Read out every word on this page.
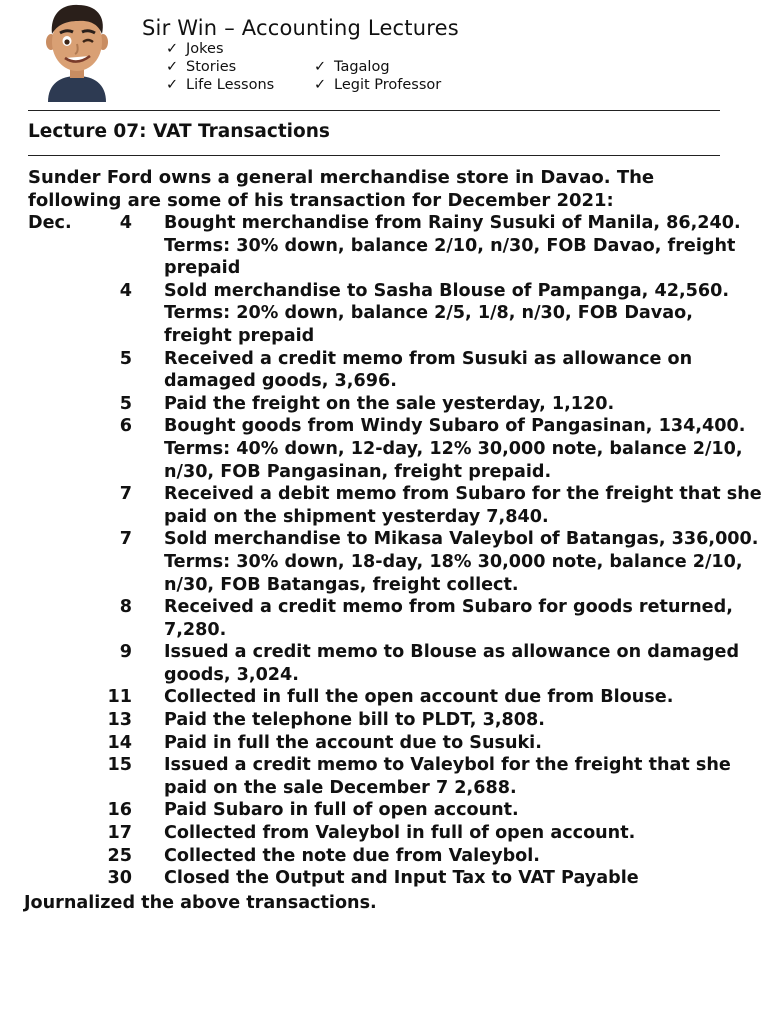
Sir Win – Accounting Lectures
✓ Jokes
✓ Stories	✓ Tagalog
✓ Life Lessons	✓ Legit Professor
Lecture 07: VAT Transactions
Sunder Ford owns a general merchandise store in Davao. The following are some of his transaction for December 2021:
Dec.	4 Bought merchandise from Rainy Susuki of Manila, 86,240. Terms: 30% down, balance 2/10, n/30, FOB Davao, freight prepaid
4 Sold merchandise to Sasha Blouse of Pampanga, 42,560. Terms: 20% down, balance 2/5, 1/8, n/30, FOB Davao, freight prepaid
5 Received a credit memo from Susuki as allowance on damaged goods, 3,696.
5 Paid the freight on the sale yesterday, 1,120.
6 Bought goods from Windy Subaro of Pangasinan, 134,400. Terms: 40% down, 12-day, 12% 30,000 note, balance 2/10, n/30, FOB Pangasinan, freight prepaid.
7 Received a debit memo from Subaro for the freight that she paid on the shipment yesterday 7,840.
7 Sold merchandise to Mikasa Valeybol of Batangas, 336,000. Terms: 30% down, 18-day, 18% 30,000 note, balance 2/10, n/30, FOB Batangas, freight collect.
8 Received a credit memo from Subaro for goods returned, 7,280.
9 Issued a credit memo to Blouse as allowance on damaged goods, 3,024.
11 Collected in full the open account due from Blouse.
13 Paid the telephone bill to PLDT, 3,808.
14 Paid in full the account due to Susuki.
15 Issued a credit memo to Valeybol for the freight that she paid on the sale December 7 2,688.
16 Paid Subaro in full of open account.
17 Collected from Valeybol in full of open account.
25 Collected the note due from Valeybol.
30 Closed the Output and Input Tax to VAT Payable
Journalized the above transactions.
